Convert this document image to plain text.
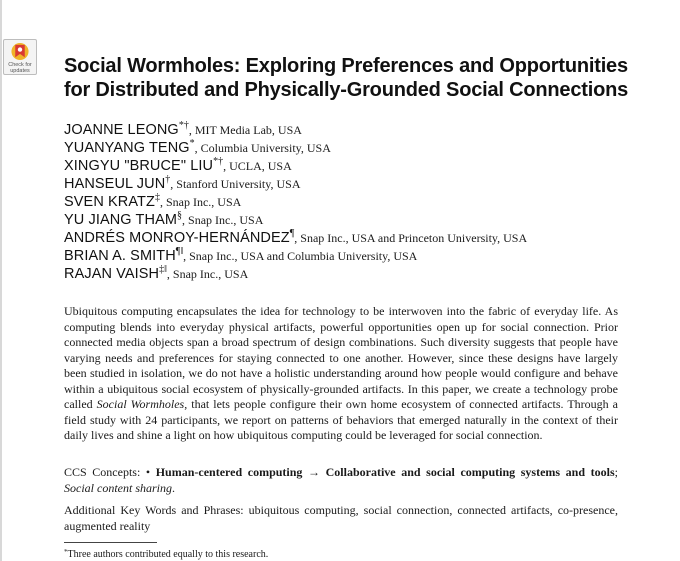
Check for updates	Social Wormholes: Exploring Preferences and Opportunities
for Distributed and Physically-Grounded Social Connections
JOANNE LEONG*†, MIT Media Lab, USA
YUANYANG TENG*, Columbia University, USA
XINGYU "BRUCE" LIU*†, UCLA, USA
HANSEUL JUN†, Stanford University, USA
SVEN KRATZ‡, Snap Inc., USA
YU JIANG THAM§, Snap Inc., USA
ANDRÉS MONROY-HERNÁNDEZ¶, Snap Inc., USA and Princeton University, USA
BRIAN A. SMITH¶‖, Snap Inc., USA and Columbia University, USA
RAJAN VAISH‡‖, Snap Inc., USA

Ubiquitous computing encapsulates the idea for technology to be interwoven into the fabric of everyday life. As computing blends into everyday physical artifacts, powerful opportunities open up for social connection. Prior connected media objects span a broad spectrum of design combinations. Such diversity suggests that people have varying needs and preferences for staying connected to one another. However, since these designs have largely been studied in isolation, we do not have a holistic understanding around how people would configure and behave within a ubiquitous social ecosystem of physically-grounded artifacts. In this paper, we create a technology probe called Social Wormholes, that lets people configure their own home ecosystem of connected artifacts. Through a field study with 24 participants, we report on patterns of behaviors that emerged naturally in the context of their daily lives and shine a light on how ubiquitous computing could be leveraged for social connection.

CCS Concepts: • Human-centered computing → Collaborative and social computing systems and tools; Social content sharing.

Additional Key Words and Phrases: ubiquitous computing, social connection, connected artifacts, co-presence, augmented reality

*Three authors contributed equally to this research.
